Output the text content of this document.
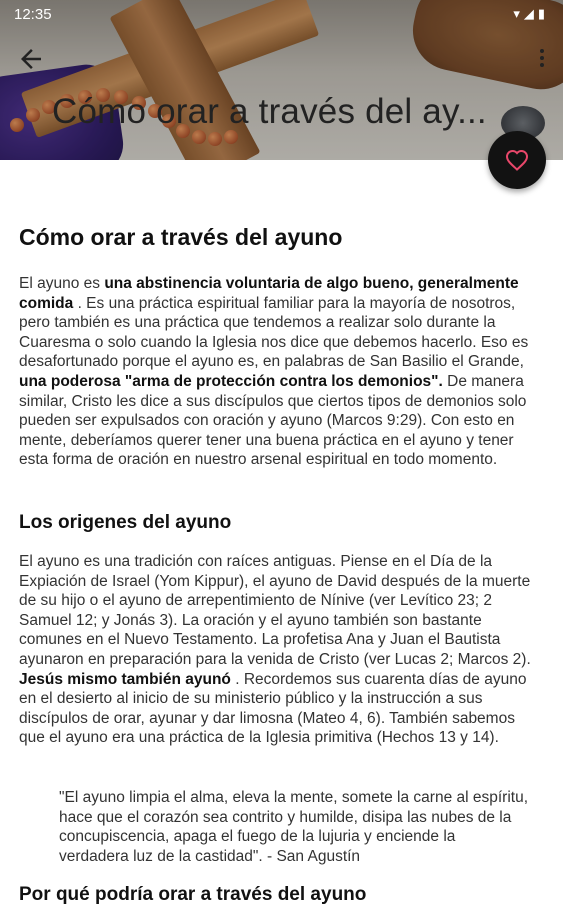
12:35	▾◢▮
Cómo orar a través del ay...
Cómo orar a través del ayuno

El ayuno es una abstinencia voluntaria de algo bueno, generalmente comida . Es una práctica espiritual familiar para la mayoría de nosotros, pero también es una práctica que tendemos a realizar solo durante la Cuaresma o solo cuando la Iglesia nos dice que debemos hacerlo. Eso es desafortunado porque el ayuno es, en palabras de San Basilio el Grande, una poderosa "arma de protección contra los demonios". De manera similar, Cristo les dice a sus discípulos que ciertos tipos de demonios solo pueden ser expulsados con oración y ayuno (Marcos 9:29). Con esto en mente, deberíamos querer tener una buena práctica en el ayuno y tener esta forma de oración en nuestro arsenal espiritual en todo momento.

Los origenes del ayuno

El ayuno es una tradición con raíces antiguas. Piense en el Día de la Expiación de Israel (Yom Kippur), el ayuno de David después de la muerte de su hijo o el ayuno de arrepentimiento de Nínive (ver Levítico 23; 2 Samuel 12; y Jonás 3). La oración y el ayuno también son bastante comunes en el Nuevo Testamento. La profetisa Ana y Juan el Bautista ayunaron en preparación para la venida de Cristo (ver Lucas 2; Marcos 2). Jesús mismo también ayunó . Recordemos sus cuarenta días de ayuno en el desierto al inicio de su ministerio público y la instrucción a sus discípulos de orar, ayunar y dar limosna (Mateo 4, 6). También sabemos que el ayuno era una práctica de la Iglesia primitiva (Hechos 13 y 14).

"El ayuno limpia el alma, eleva la mente, somete la carne al espíritu, hace que el corazón sea contrito y humilde, disipa las nubes de la concupiscencia, apaga el fuego de la lujuria y enciende la verdadera luz de la castidad". - San Agustín

Por qué podría orar a través del ayuno
